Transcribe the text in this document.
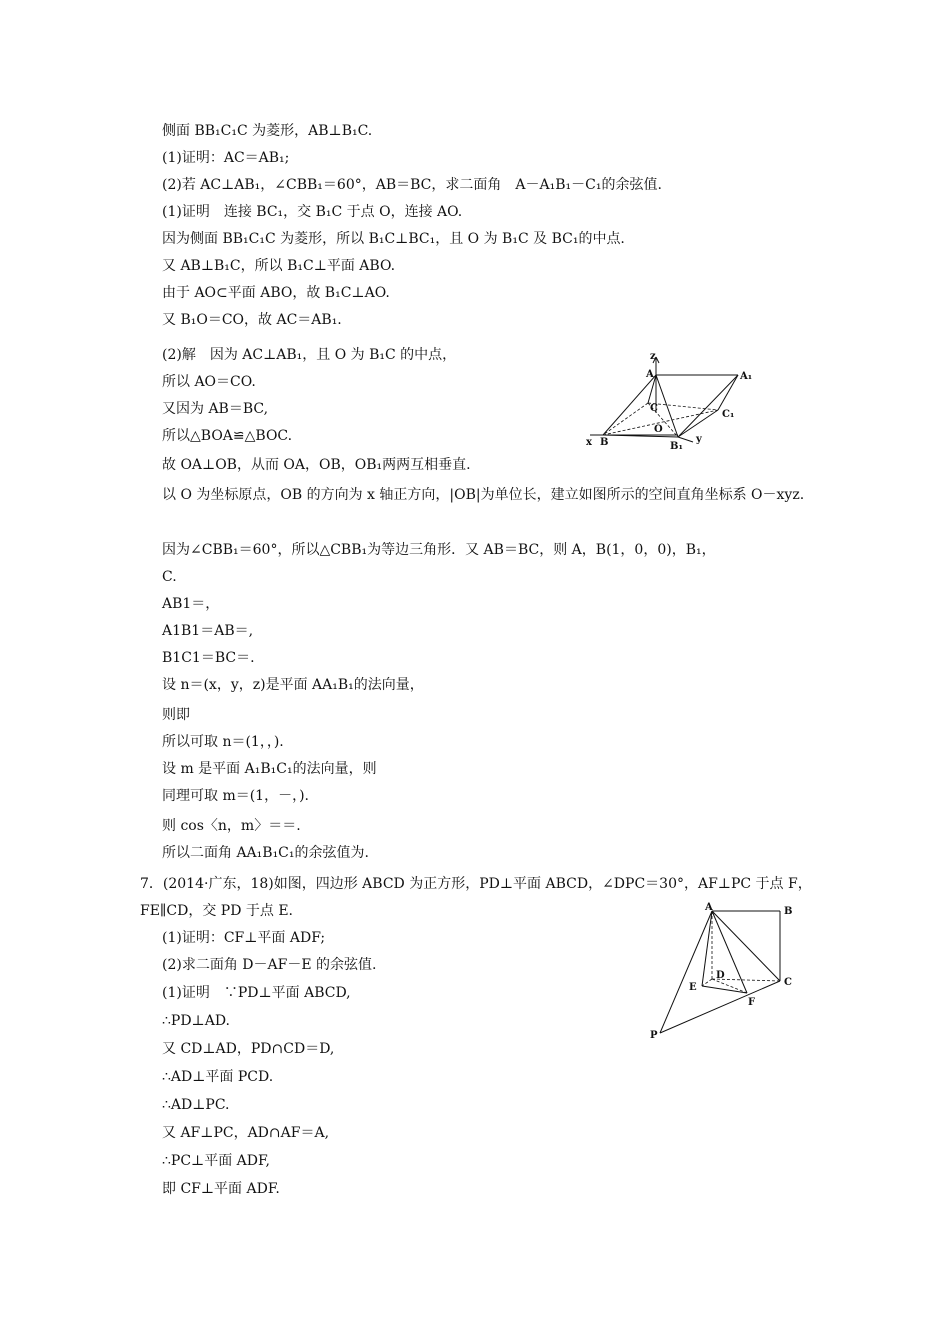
侧面 BB₁C₁C 为菱形，AB⊥B₁C.
(1)证明：AC＝AB₁;
(2)若 AC⊥AB₁，∠CBB₁＝60°，AB＝BC，求二面角　A－A₁B₁－C₁的余弦值.
(1)证明　连接 BC₁，交 B₁C 于点 O，连接 AO.
因为侧面 BB₁C₁C 为菱形，所以 B₁C⊥BC₁，且 O 为 B₁C 及 BC₁的中点.
又 AB⊥B₁C，所以 B₁C⊥平面 ABO.
由于 AO⊂平面 ABO，故 B₁C⊥AO.
又 B₁O＝CO，故 AC＝AB₁.
(2)解　因为 AC⊥AB₁，且 O 为 B₁C 的中点，
所以 AO＝CO.
又因为 AB＝BC,
所以△BOA≌△BOC.
故 OA⊥OB，从而 OA，OB，OB₁两两互相垂直.
以 O 为坐标原点，OB 的方向为 x 轴正方向，|OB|为单位长，建立如图所示的空间直角坐标系 O－xyz.
因为∠CBB₁＝60°，所以△CBB₁为等边三角形．又 AB＝BC，则 A，B(1，0，0)，B₁，
C.
AB1＝，
A1B1＝AB＝,
B1C1＝BC＝.
设 n＝(x，y，z)是平面 AA₁B₁的法向量，
则即
所以可取 n＝(1，，).
设 m 是平面 A₁B₁C₁的法向量，则
同理可取 m＝(1，－，).
则 cos〈n，m〉＝＝.
所以二面角 AA₁B₁C₁的余弦值为.
7．(2014·广东，18)如图，四边形 ABCD 为正方形，PD⊥平面 ABCD，∠DPC＝30°，AF⊥PC 于点 F，FE∥CD，交 PD 于点 E.
(1)证明：CF⊥平面 ADF;
(2)求二面角 D－AF－E 的余弦值.
(1)证明　∵PD⊥平面 ABCD,
∴PD⊥AD.
又 CD⊥AD，PD∩CD＝D,
∴AD⊥平面 PCD.
∴AD⊥PC.
又 AF⊥PC，AD∩AF＝A,
∴PC⊥平面 ADF,
即 CF⊥平面 ADF.
z
A	A₁
C
C₁
O
x B	B₁
y
A	B
D
C
E
F
P
